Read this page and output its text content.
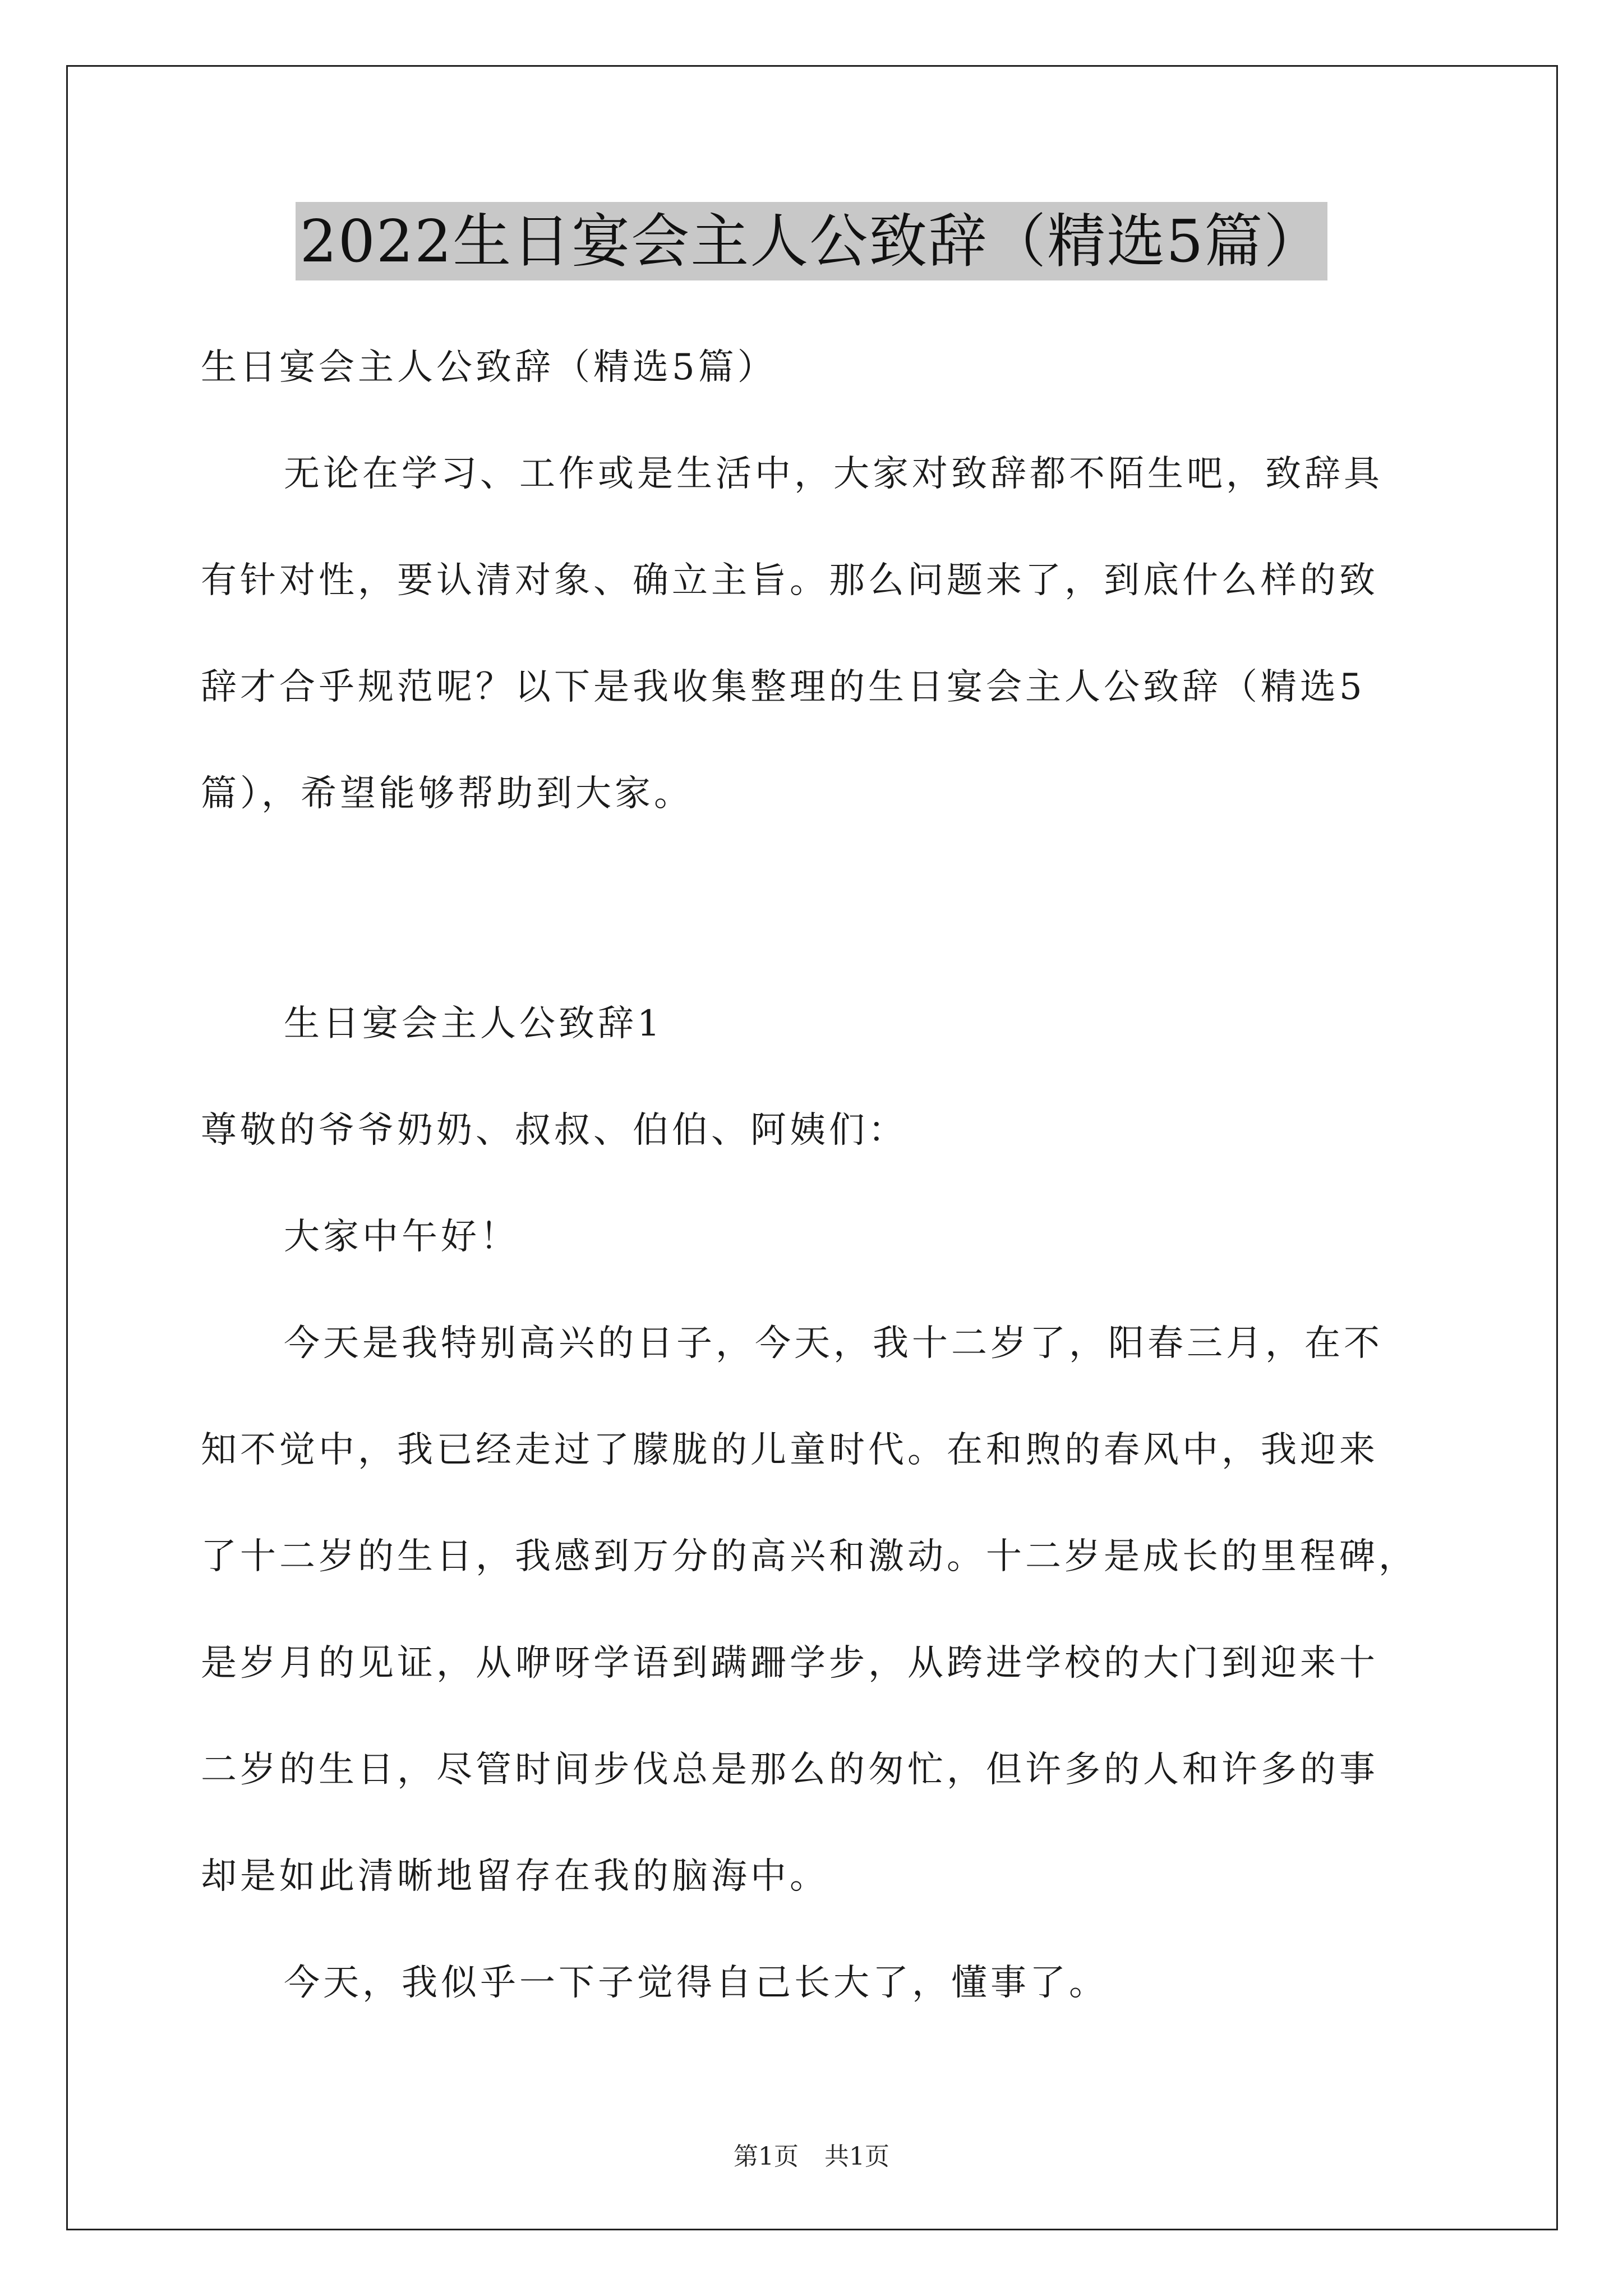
2022生日宴会主人公致辞（精选5篇）
生日宴会主人公致辞（精选5篇）
无论在学习、工作或是生活中，大家对致辞都不陌生吧，致辞具
有针对性，要认清对象、确立主旨。那么问题来了，到底什么样的致
辞才合乎规范呢？以下是我收集整理的生日宴会主人公致辞（精选5
篇），希望能够帮助到大家。
生日宴会主人公致辞1
尊敬的爷爷奶奶、叔叔、伯伯、阿姨们：
大家中午好！
今天是我特别高兴的日子，今天，我十二岁了，阳春三月，在不
知不觉中，我已经走过了朦胧的儿童时代。在和煦的春风中，我迎来
了十二岁的生日，我感到万分的高兴和激动。十二岁是成长的里程碑，
是岁月的见证，从咿呀学语到蹒跚学步，从跨进学校的大门到迎来十
二岁的生日，尽管时间步伐总是那么的匆忙，但许多的人和许多的事
却是如此清晰地留存在我的脑海中。
今天，我似乎一下子觉得自己长大了，懂事了。
第1页 共1页
